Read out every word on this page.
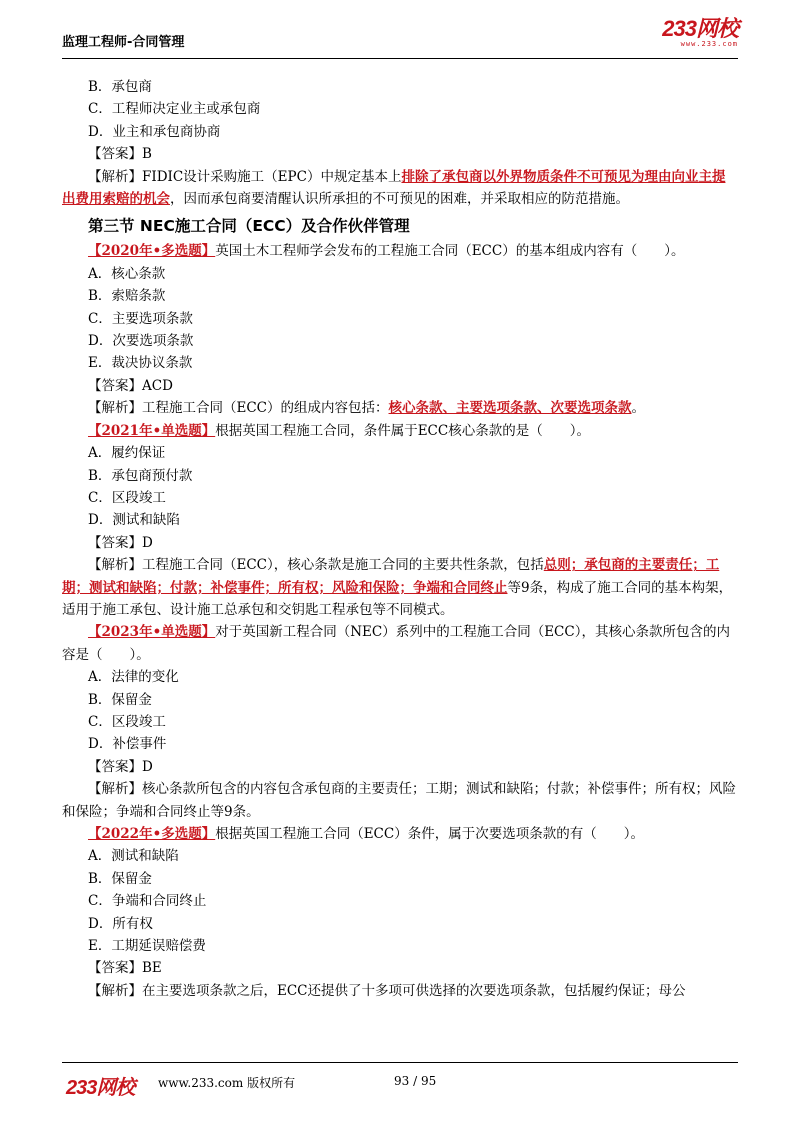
监理工程师-合同管理
233网校
www.233.com
B．承包商
C．工程师决定业主或承包商
D．业主和承包商协商
【答案】B
【解析】FIDIC设计采购施工（EPC）中规定基本上排除了承包商以外界物质条件不可预见为理由向业主提出费用索赔的机会，因而承包商要清醒认识所承担的不可预见的困难，并采取相应的防范措施。
第三节 NEC施工合同（ECC）及合作伙伴管理
【2020年•多选题】英国土木工程师学会发布的工程施工合同（ECC）的基本组成内容有（　　）。
A．核心条款
B．索赔条款
C．主要选项条款
D．次要选项条款
E．裁决协议条款
【答案】ACD
【解析】工程施工合同（ECC）的组成内容包括：核心条款、主要选项条款、次要选项条款。
【2021年•单选题】根据英国工程施工合同，条件属于ECC核心条款的是（　　）。
A．履约保证
B．承包商预付款
C．区段竣工
D．测试和缺陷
【答案】D
【解析】工程施工合同（ECC），核心条款是施工合同的主要共性条款，包括总则；承包商的主要责任；工期；测试和缺陷；付款；补偿事件；所有权；风险和保险；争端和合同终止等9条，构成了施工合同的基本构架，适用于施工承包、设计施工总承包和交钥匙工程承包等不同模式。
【2023年•单选题】对于英国新工程合同（NEC）系列中的工程施工合同（ECC），其核心条款所包含的内容是（　　）。
A．法律的变化
B．保留金
C．区段竣工
D．补偿事件
【答案】D
【解析】核心条款所包含的内容包含承包商的主要责任；工期；测试和缺陷；付款；补偿事件；所有权；风险和保险；争端和合同终止等9条。
【2022年•多选题】根据英国工程施工合同（ECC）条件，属于次要选项条款的有（　　）。
A．测试和缺陷
B．保留金
C．争端和合同终止
D．所有权
E．工期延误赔偿费
【答案】BE
【解析】在主要选项条款之后，ECC还提供了十多项可供选择的次要选项条款，包括履约保证；母公
233网校 www.233.com 版权所有	93 / 95
